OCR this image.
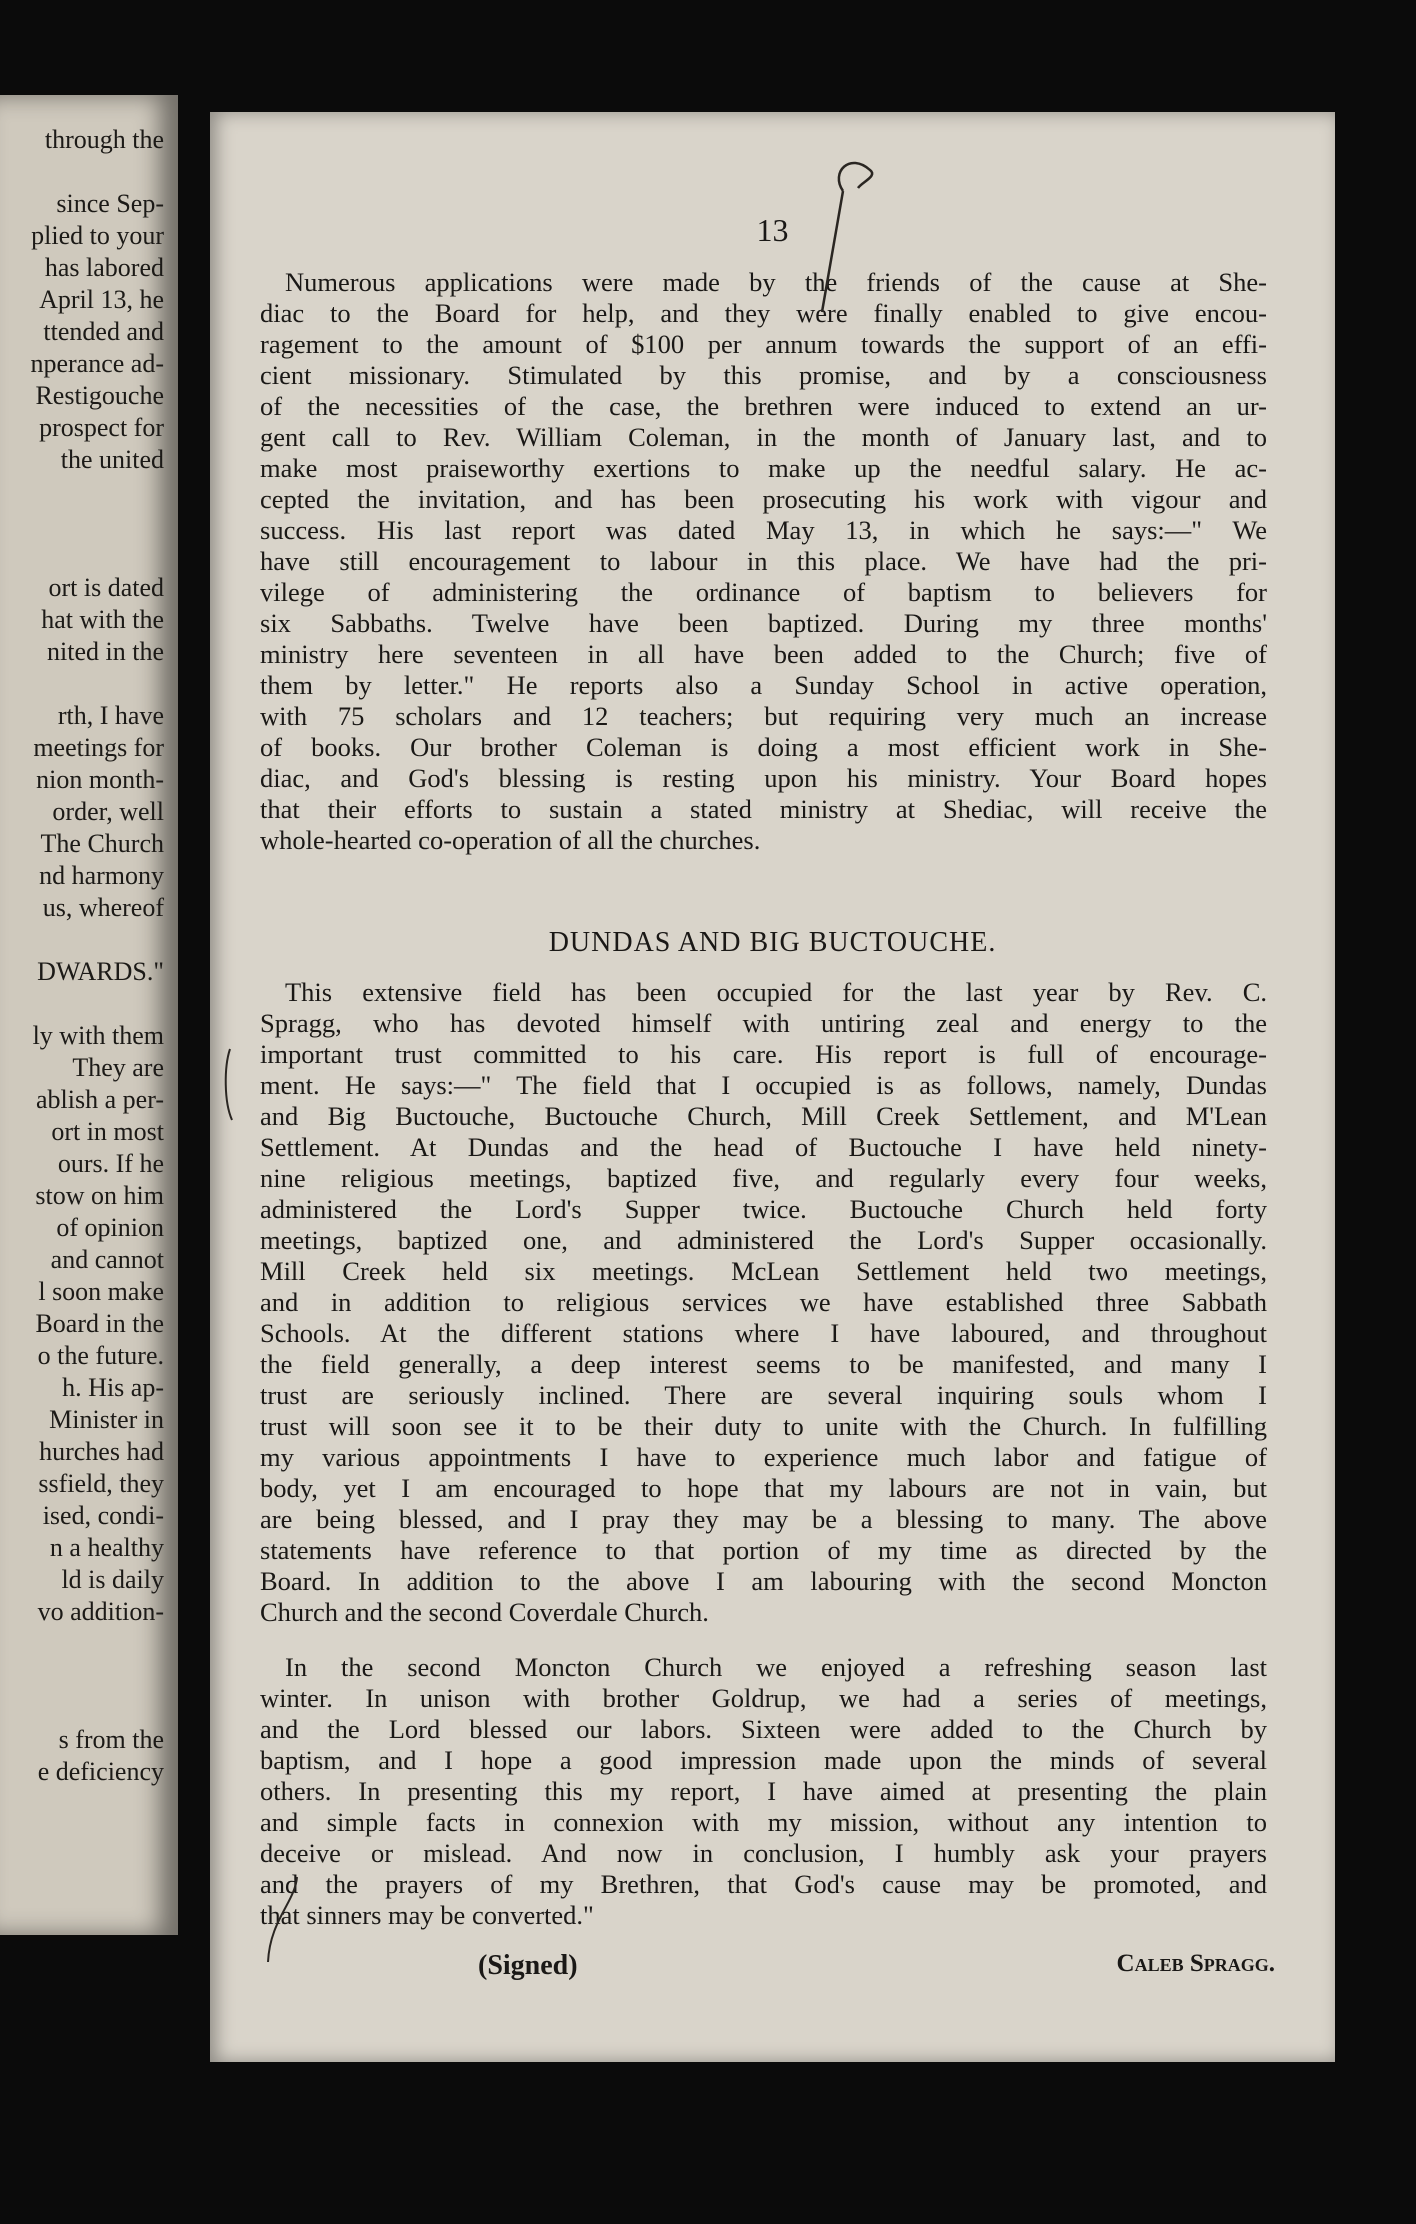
through the
since Sep-
plied to your
has labored
April 13, he
ttended and
nperance ad-
Restigouche
prospect for
the united
ort is dated
hat with the
nited in the
rth, I have
meetings for
nion month-
order, well
The Church
nd harmony
us, whereof
DWARDS."
ly with them
They are
ablish a per-
ort in most
ours. If he
stow on him
of opinion
and cannot
l soon make
Board in the
o the future.
h. His ap-
Minister in
hurches had
ssfield, they
ised, condi-
n a healthy
ld is daily
vo addition-
s from the
e deficiency
13
Numerous applications were made by the friends of the cause at She-
diac to the Board for help, and they were finally enabled to give encou-
ragement to the amount of $100 per annum towards the support of an effi-
cient missionary. Stimulated by this promise, and by a consciousness
of the necessities of the case, the brethren were induced to extend an ur-
gent call to Rev. William Coleman, in the month of January last, and to
make most praiseworthy exertions to make up the needful salary. He ac-
cepted the invitation, and has been prosecuting his work with vigour and
success. His last report was dated May 13, in which he says:—" We
have still encouragement to labour in this place. We have had the pri-
vilege of administering the ordinance of baptism to believers for
six Sabbaths. Twelve have been baptized. During my three months'
ministry here seventeen in all have been added to the Church; five of
them by letter." He reports also a Sunday School in active operation,
with 75 scholars and 12 teachers; but requiring very much an increase
of books. Our brother Coleman is doing a most efficient work in She-
diac, and God's blessing is resting upon his ministry. Your Board hopes
that their efforts to sustain a stated ministry at Shediac, will receive the
whole-hearted co-operation of all the churches.
DUNDAS AND BIG BUCTOUCHE.
This extensive field has been occupied for the last year by Rev. C.
Spragg, who has devoted himself with untiring zeal and energy to the
important trust committed to his care. His report is full of encourage-
ment. He says:—" The field that I occupied is as follows, namely, Dundas
and Big Buctouche, Buctouche Church, Mill Creek Settlement, and M'Lean
Settlement. At Dundas and the head of Buctouche I have held ninety-
nine religious meetings, baptized five, and regularly every four weeks,
administered the Lord's Supper twice. Buctouche Church held forty
meetings, baptized one, and administered the Lord's Supper occasionally.
Mill Creek held six meetings. McLean Settlement held two meetings,
and in addition to religious services we have established three Sabbath
Schools. At the different stations where I have laboured, and throughout
the field generally, a deep interest seems to be manifested, and many I
trust are seriously inclined. There are several inquiring souls whom I
trust will soon see it to be their duty to unite with the Church. In fulfilling
my various appointments I have to experience much labor and fatigue of
body, yet I am encouraged to hope that my labours are not in vain, but
are being blessed, and I pray they may be a blessing to many. The above
statements have reference to that portion of my time as directed by the
Board. In addition to the above I am labouring with the second Moncton
Church and the second Coverdale Church.
In the second Moncton Church we enjoyed a refreshing season last
winter. In unison with brother Goldrup, we had a series of meetings,
and the Lord blessed our labors. Sixteen were added to the Church by
baptism, and I hope a good impression made upon the minds of several
others. In presenting this my report, I have aimed at presenting the plain
and simple facts in connexion with my mission, without any intention to
deceive or mislead. And now in conclusion, I humbly ask your prayers
and the prayers of my Brethren, that God's cause may be promoted, and
that sinners may be converted."
(Signed)	Caleb Spragg.
